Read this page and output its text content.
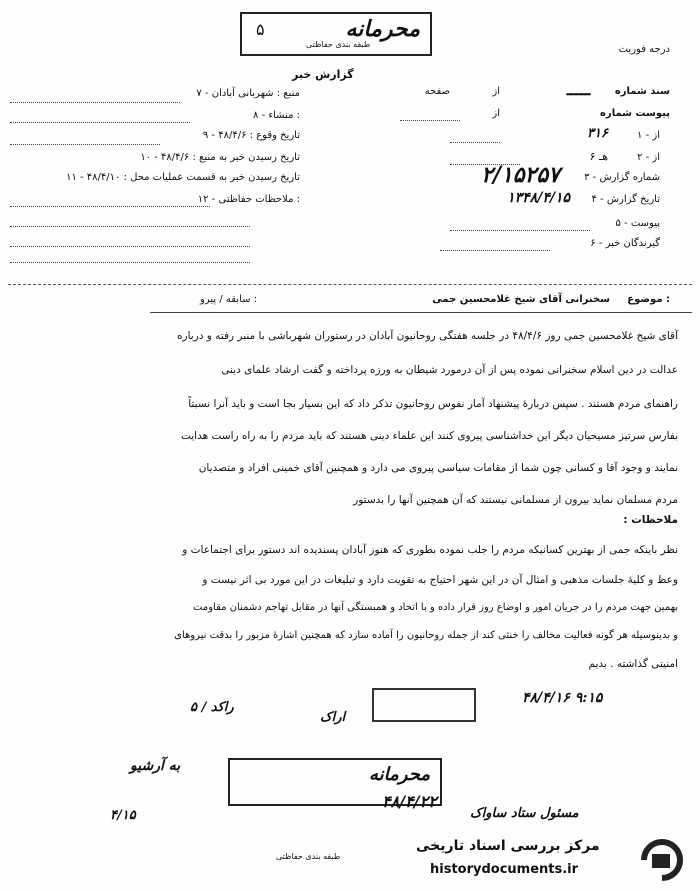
محرمانه
۵
طبقه بندی حفاظتی	درجه فوریت
گزارش خبر
سند شماره
صفحه	ـــــ
از
پیوست شماره
از
۱ - از
۳۱۶
۲ - از
۶ هـ
۳ - شماره گزارش
۲/۱۵۲۵۷
۴ - تاریخ گزارش
۱۳۴۸/۴/۱۵
۵ - پیوست
۶ - گیرندگان خبر
۷ - منبع : شهربانی آبادان
۸ - منشاء :
۹ - تاریخ وقوع : ۴۸/۴/۶
۱۰ - تاریخ رسیدن خبر به منبع : ۴۸/۴/۶
۱۱ - تاریخ رسیدن خبر به قسمت عملیات محل : ۴۸/۴/۱۰
۱۲ - ملاحظات حفاظتی :
موضوع :
سخنرانی آقای شیخ غلامحسین جمی
سابقه / پیرو :
آقای شیخ غلامحسین جمی روز ۴۸/۴/۶ در جلسه هفتگی روحانیون آبادان در رستوران شهرباشی با منبر رفته و درباره
عدالت در دین اسلام سخنرانی نموده پس از آن درمورد شیطان به ورزه پرداخته و گفت ارشاد علمای دینی
راهنمای مردم هستند . سپس دربارۀ پیشنهاد آمار نفوس روحانیون تذکر داد که این بسیار بجا است و باید آنرا نسبتاً
بفارس سرتیز مسیحیان دیگر این خداشناسی پیروی کنند این علماء دینی هستند که باید مردم را به راه راست هدایت
نمایند و وجود آقا و کسانی چون شما از مقامات سیاسی پیروی می دارد و همچنین آقای خمینی افراد و متصدیان
مردم مسلمان نماید بیرون از مسلمانی نیستند که آن همچنین آنها را بدستور
ملاحظات :
نظر باینکه جمی از بهترین کسانیکه مردم را جلب نموده بطوری که هنوز آبادان پسندیده اند دستور برای اجتماعات و
وعظ و کلیۀ جلسات مذهبی و امثال آن در این شهر احتیاج به تقویت دارد و تبلیغات در این مورد بی اثر نیست و
بهمین جهت مردم را در جریان امور و اوضاع روز قرار داده و با اتحاد و همبستگی آنها در مقابل تهاجم دشمنان مقاومت
و بدینوسیله هر گونه فعالیت مخالف را خنثی کند از جمله روحانیون را آماده سازد که همچنین اشارۀ مزبور را بدقت نیروهای
امنیتی گذاشته . بدیم
۴۸/۴/۱۶ ۹:۱۵
اراک
۵ / راکد
به آرشیو
۴/۱۵
محرمانه
۴۸/۴/۲۲
مسئول ستاد ساواک
طبقه بندی حفاظتی
مرکز بررسی اسناد تاریخی
historydocuments.ir
